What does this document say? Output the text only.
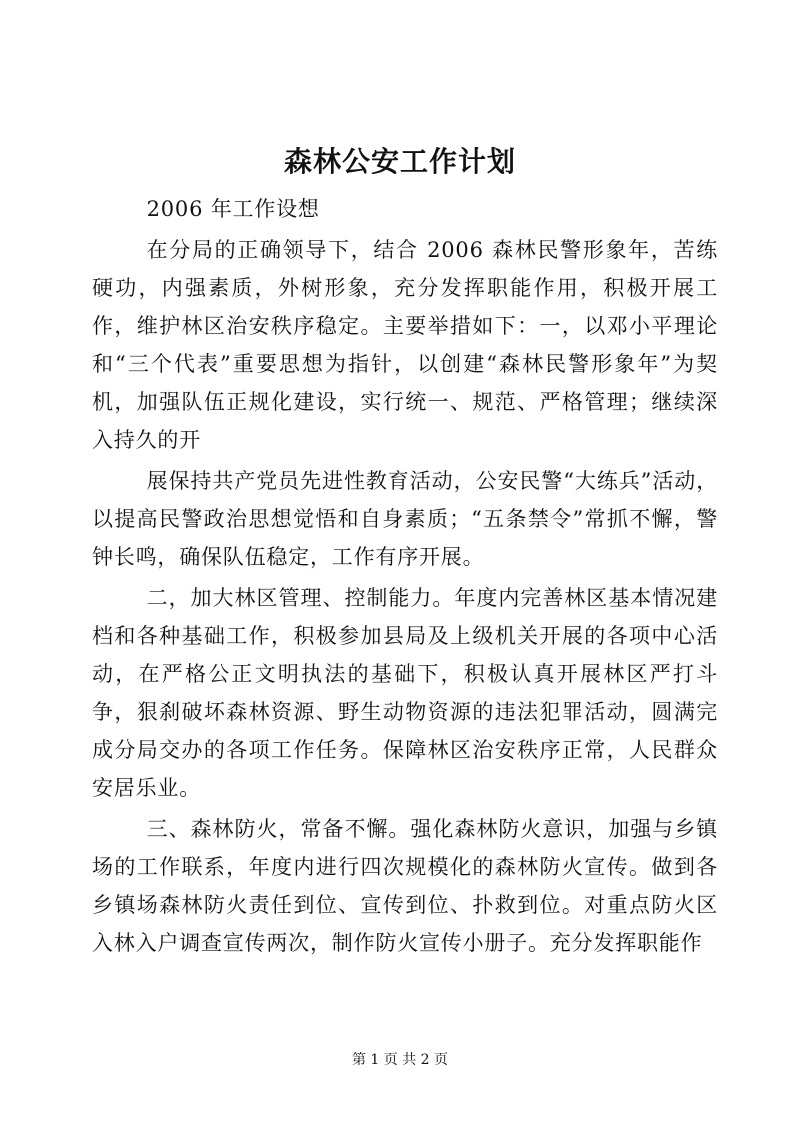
森林公安工作计划

2006 年工作设想

在分局的正确领导下，结合 2006 森林民警形象年，苦练硬功，内强素质，外树形象，充分发挥职能作用，积极开展工作，维护林区治安秩序稳定。主要举措如下：一，以邓小平理论和“三个代表”重要思想为指针，以创建“森林民警形象年”为契机，加强队伍正规化建设，实行统一、规范、严格管理；继续深入持久的开

展保持共产党员先进性教育活动，公安民警“大练兵”活动，以提高民警政治思想觉悟和自身素质；“五条禁令”常抓不懈，警钟长鸣，确保队伍稳定，工作有序开展。

二，加大林区管理、控制能力。年度内完善林区基本情况建档和各种基础工作，积极参加县局及上级机关开展的各项中心活动，在严格公正文明执法的基础下，积极认真开展林区严打斗争，狠刹破坏森林资源、野生动物资源的违法犯罪活动，圆满完成分局交办的各项工作任务。保障林区治安秩序正常，人民群众安居乐业。

三、森林防火，常备不懈。强化森林防火意识，加强与乡镇场的工作联系，年度内进行四次规模化的森林防火宣传。做到各乡镇场森林防火责任到位、宣传到位、扑救到位。对重点防火区入林入户调查宣传两次，制作防火宣传小册子。充分发挥职能作

第 1 页 共 2 页
